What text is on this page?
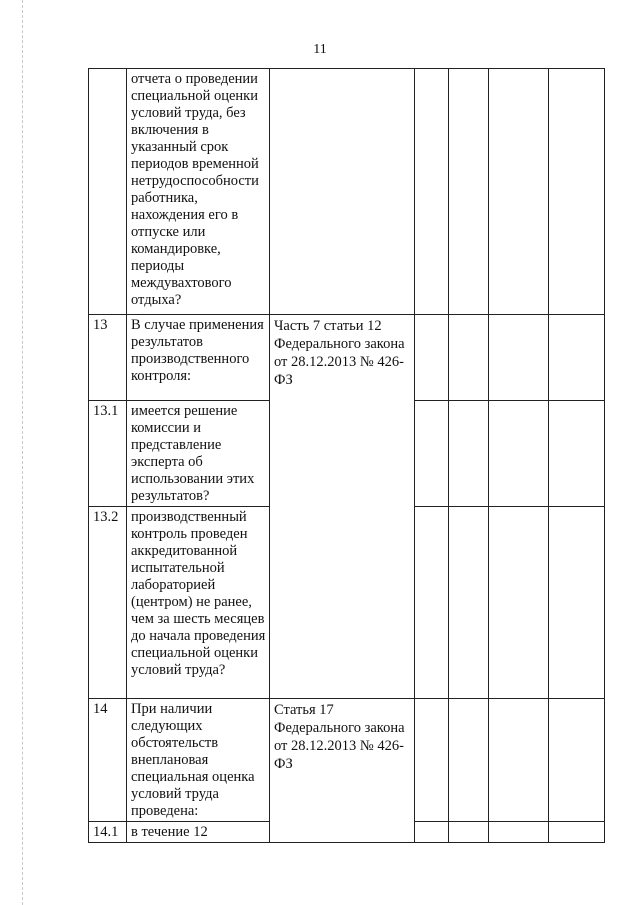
11
	отчета о проведении специальной оценки условий труда, без включения в указанный срок периодов временной нетрудоспособности работника, нахождения его в отпуске или командировке, периоды междувахтового отдыха?					
13	В случае применения результатов производственного контроля:	Часть 7 статьи 12 Федерального закона от 28.12.2013 № 426-ФЗ				
13.1	имеется решение комиссии и представление эксперта об использовании этих результатов?					
13.2	производственный контроль проведен аккредитованной испытательной лабораторией (центром) не ранее, чем за шесть месяцев до начала проведения специальной оценки условий труда?					
14	При наличии следующих обстоятельств внеплановая специальная оценка условий труда проведена:	Статья 17 Федерального закона от 28.12.2013 № 426-ФЗ				
14.1	в течение 12					
